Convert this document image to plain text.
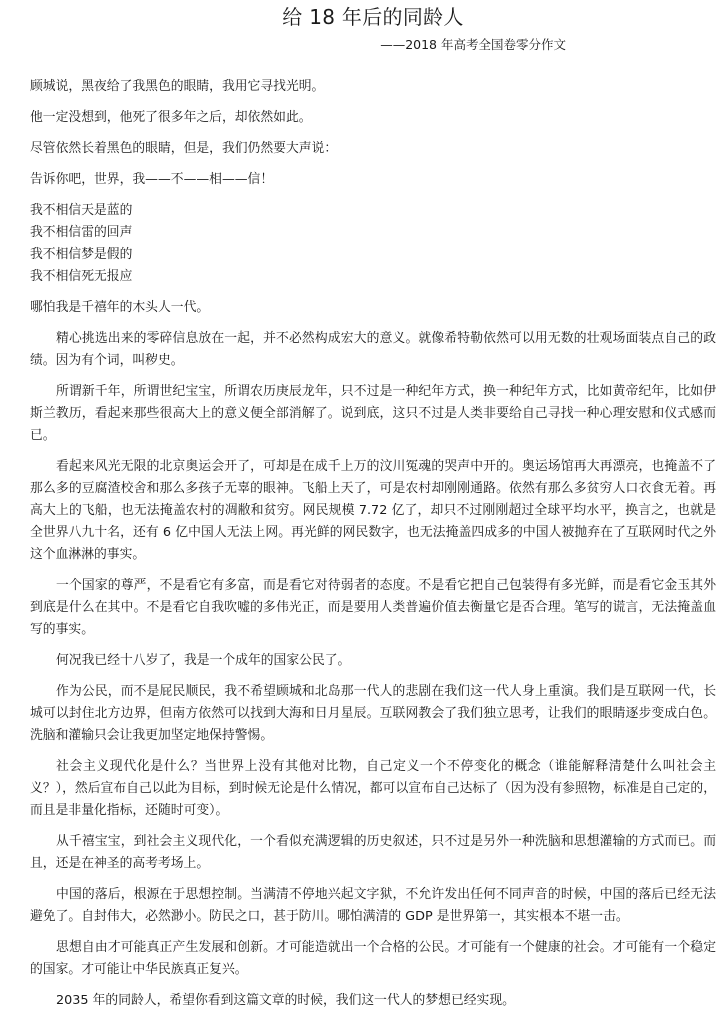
给 18 年后的同龄人
——2018 年高考全国卷零分作文

顾城说，黑夜给了我黑色的眼睛，我用它寻找光明。

他一定没想到，他死了很多年之后，却依然如此。

尽管依然长着黑色的眼睛，但是，我们仍然要大声说：

告诉你吧，世界，我——不——相——信！

我不相信天是蓝的
我不相信雷的回声
我不相信梦是假的
我不相信死无报应

哪怕我是千禧年的木头人一代。

精心挑选出来的零碎信息放在一起，并不必然构成宏大的意义。就像希特勒依然可以用无数的壮观场面装点自己的政绩。因为有个词，叫秽史。

所谓新千年，所谓世纪宝宝，所谓农历庚辰龙年，只不过是一种纪年方式，换一种纪年方式，比如黄帝纪年，比如伊斯兰教历，看起来那些很高大上的意义便全部消解了。说到底，这只不过是人类非要给自己寻找一种心理安慰和仪式感而已。

看起来风光无限的北京奥运会开了，可却是在成千上万的汶川冤魂的哭声中开的。奥运场馆再大再漂亮，也掩盖不了那么多的豆腐渣校舍和那么多孩子无辜的眼神。飞船上天了，可是农村却刚刚通路。依然有那么多贫穷人口衣食无着。再高大上的飞船，也无法掩盖农村的凋敝和贫穷。网民规模 7.72 亿了，却只不过刚刚超过全球平均水平，换言之，也就是全世界八九十名，还有 6 亿中国人无法上网。再光鲜的网民数字，也无法掩盖四成多的中国人被抛弃在了互联网时代之外这个血淋淋的事实。

一个国家的尊严，不是看它有多富，而是看它对待弱者的态度。不是看它把自己包装得有多光鲜，而是看它金玉其外到底是什么在其中。不是看它自我吹嘘的多伟光正，而是要用人类普遍价值去衡量它是否合理。笔写的谎言，无法掩盖血写的事实。

何况我已经十八岁了，我是一个成年的国家公民了。

作为公民，而不是屁民顺民，我不希望顾城和北岛那一代人的悲剧在我们这一代人身上重演。我们是互联网一代，长城可以封住北方边界，但南方依然可以找到大海和日月星辰。互联网教会了我们独立思考，让我们的眼睛逐步变成白色。洗脑和灌输只会让我更加坚定地保持警惕。

社会主义现代化是什么？当世界上没有其他对比物，自己定义一个不停变化的概念（谁能解释清楚什么叫社会主义？），然后宣布自己以此为目标，到时候无论是什么情况，都可以宣布自己达标了（因为没有参照物，标准是自己定的，而且是非量化指标，还随时可变）。

从千禧宝宝，到社会主义现代化，一个看似充满逻辑的历史叙述，只不过是另外一种洗脑和思想灌输的方式而已。而且，还是在神圣的高考考场上。

中国的落后，根源在于思想控制。当满清不停地兴起文字狱，不允许发出任何不同声音的时候，中国的落后已经无法避免了。自封伟大，必然渺小。防民之口，甚于防川。哪怕满清的 GDP 是世界第一，其实根本不堪一击。

思想自由才可能真正产生发展和创新。才可能造就出一个合格的公民。才可能有一个健康的社会。才可能有一个稳定的国家。才可能让中华民族真正复兴。

2035 年的同龄人，希望你看到这篇文章的时候，我们这一代人的梦想已经实现。
